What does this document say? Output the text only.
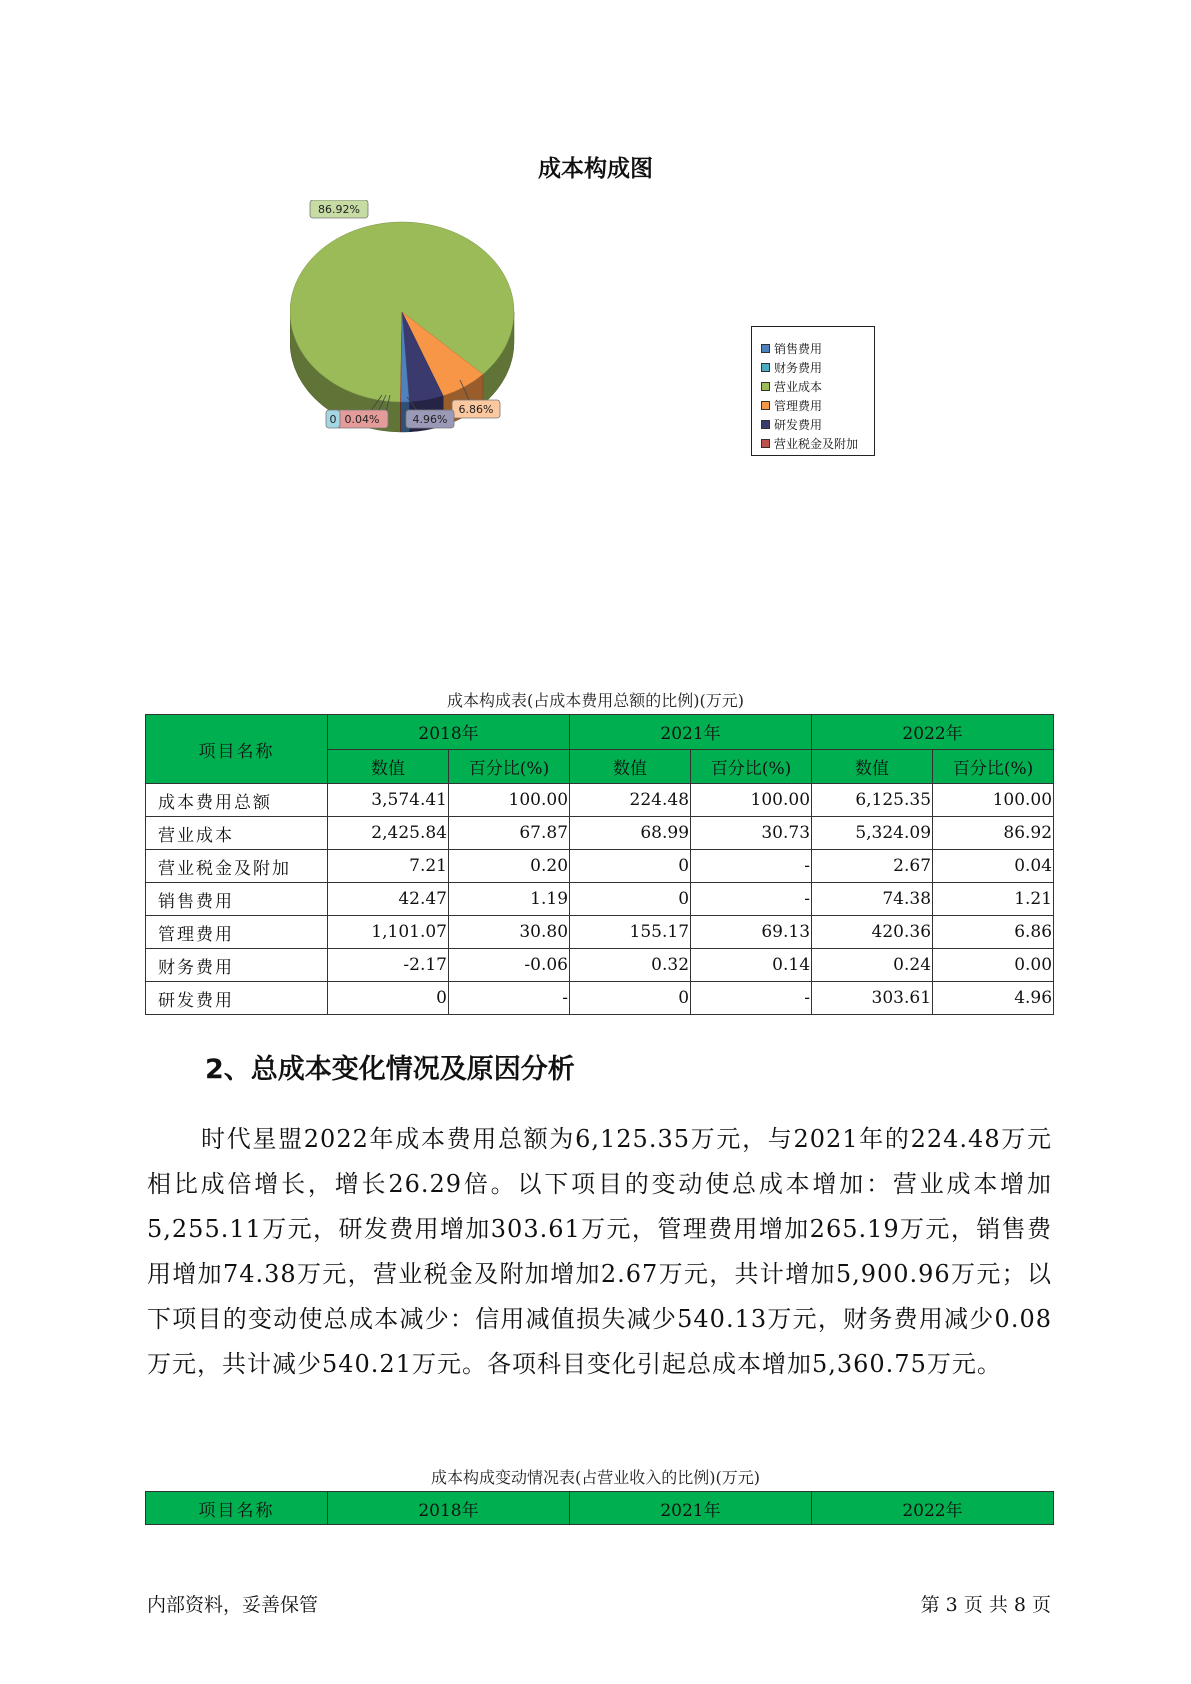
成本构成图
86.92%
6.86%
4.96%
0.04%
0
销售费用
财务费用
营业成本
管理费用
研发费用
营业税金及附加
成本构成表(占成本费用总额的比例)(万元)
项目名称	2018年		2021年		2022年	
	数值	百分比(%)	数值	百分比(%)	数值	百分比(%)
成本费用总额	3,574.41	100.00	224.48	100.00	6,125.35	100.00
营业成本	2,425.84	67.87	68.99	30.73	5,324.09	86.92
营业税金及附加	7.21	0.20	0	-	2.67	0.04
销售费用	42.47	1.19	0	-	74.38	1.21
管理费用	1,101.07	30.80	155.17	69.13	420.36	6.86
财务费用	-2.17	-0.06	0.32	0.14	0.24	0.00
研发费用	0	-	0	-	303.61	4.96
2、总成本变化情况及原因分析
时代星盟2022年成本费用总额为6,125.35万元，与2021年的224.48万元相比成倍增长，增长26.29倍。以下项目的变动使总成本增加：营业成本增加5,255.11万元，研发费用增加303.61万元，管理费用增加265.19万元，销售费用增加74.38万元，营业税金及附加增加2.67万元，共计增加5,900.96万元；以下项目的变动使总成本减少：信用减值损失减少540.13万元，财务费用减少0.08万元，共计减少540.21万元。各项科目变化引起总成本增加5,360.75万元。
成本构成变动情况表(占营业收入的比例)(万元)
项目名称	2018年	2021年	2022年
内部资料，妥善保管	第 3 页 共 8 页
